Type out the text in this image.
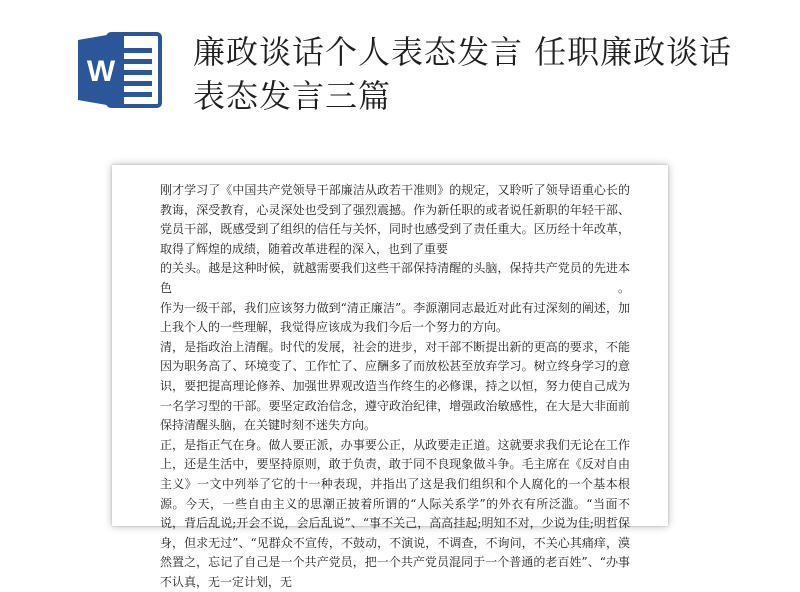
W
廉政谈话个人表态发言 任职廉政谈话表态发言三篇

刚才学习了《中国共产党领导干部廉洁从政若干准则》的规定，又聆听了领导语重心长的教诲，深受教育，心灵深处也受到了强烈震撼。作为新任职的或者说任新职的年轻干部、党员干部，既感受到了组织的信任与关怀，同时也感受到了责任重大。区历经十年改革，取得了辉煌的成绩，随着改革进程的深入，也到了重要

的关头。越是这种时候，就越需要我们这些干部保持清醒的头脑，保持共产党员的先进本色。

作为一级干部，我们应该努力做到“清正廉洁”。李源潮同志最近对此有过深刻的阐述，加上我个人的一些理解，我觉得应该成为我们今后一个努力的方向。

清，是指政治上清醒。时代的发展，社会的进步，对干部不断提出新的更高的要求，不能因为职务高了、环境变了、工作忙了、应酬多了而放松甚至放弃学习。树立终身学习的意识，要把提高理论修养、加强世界观改造当作终生的必修课，持之以恒，努力使自己成为一名学习型的干部。要坚定政治信念，遵守政治纪律，增强政治敏感性，在大是大非面前保持清醒头脑，在关键时刻不迷失方向。

正，是指正气在身。做人要正派，办事要公正，从政要走正道。这就要求我们无论在工作上，还是生活中，要坚持原则，敢于负责，敢于同不良现象做斗争。毛主席在《反对自由主义》一文中列举了它的十一种表现，并指出了这是我们组织和个人腐化的一个基本根源。今天，一些自由主义的思潮正披着所谓的“人际关系学”的外衣有所泛滥。“当面不说，背后乱说;开会不说，会后乱说”、“事不关己，高高挂起;明知不对，少说为佳;明哲保身，但求无过”、“见群众不宣传，不鼓动，不演说，不调查，不询问，不关心其痛痒，漠然置之，忘记了自己是一个共产党员，把一个共产党员混同于一个普通的老百姓”、“办事不认真，无一定计划，无
